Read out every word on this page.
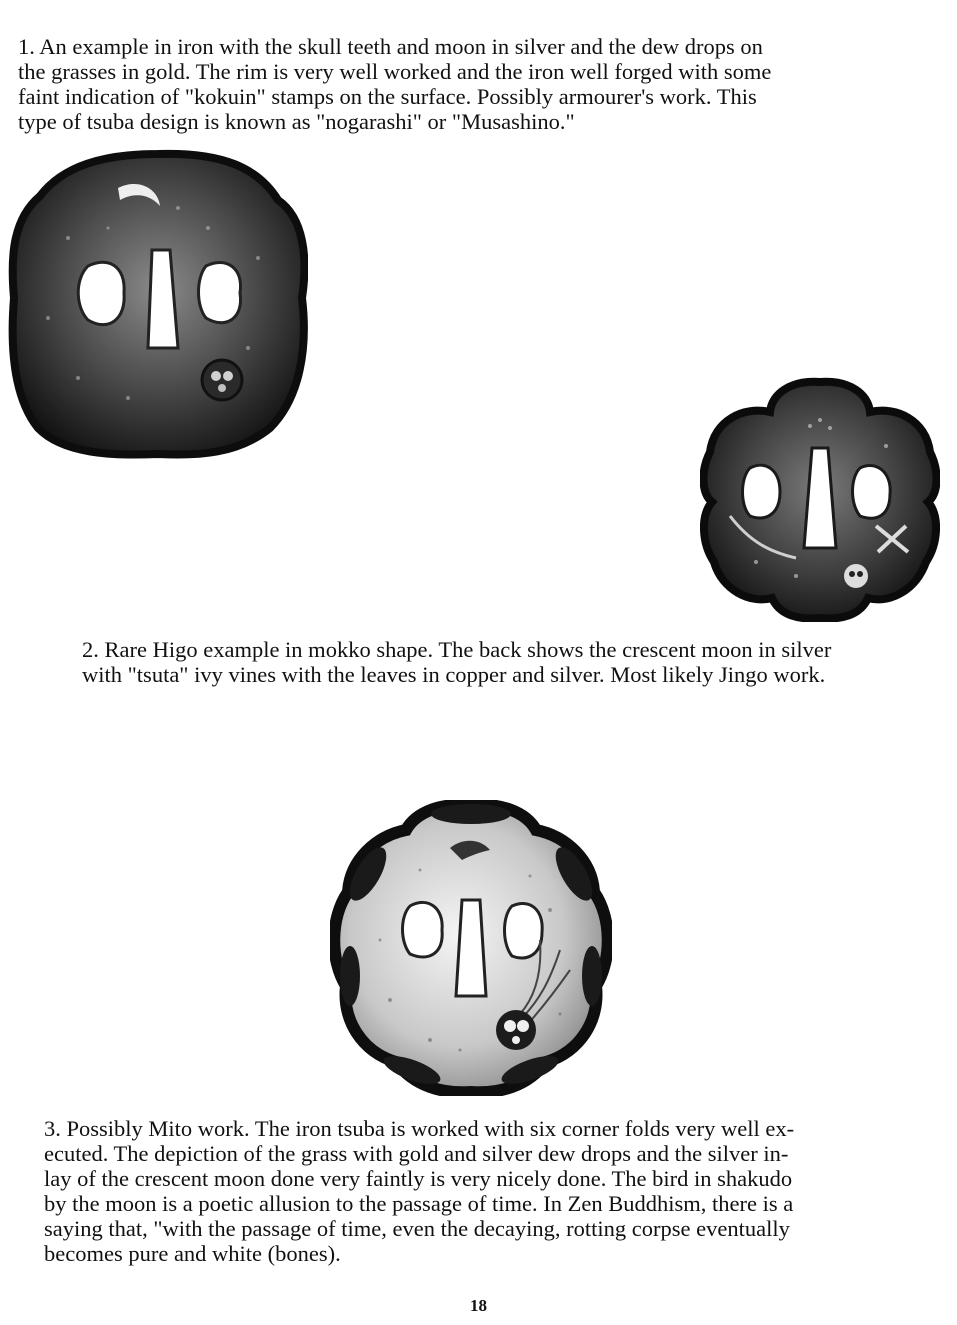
1. An example in iron with the skull teeth and moon in silver and the dew drops on
the grasses in gold. The rim is very well worked and the iron well forged with some
faint indication of "kokuin" stamps on the surface. Possibly armourer's work. This
type of tsuba design is known as "nogarashi" or "Musashino."

2. Rare Higo example in mokko shape. The back shows the crescent moon in silver
with "tsuta" ivy vines with the leaves in copper and silver. Most likely Jingo work.

3. Possibly Mito work. The iron tsuba is worked with six corner folds very well ex-
ecuted. The depiction of the grass with gold and silver dew drops and the silver in-
lay of the crescent moon done very faintly is very nicely done. The bird in shakudo
by the moon is a poetic allusion to the passage of time. In Zen Buddhism, there is a
saying that, "with the passage of time, even the decaying, rotting corpse eventually
becomes pure and white (bones).

18
